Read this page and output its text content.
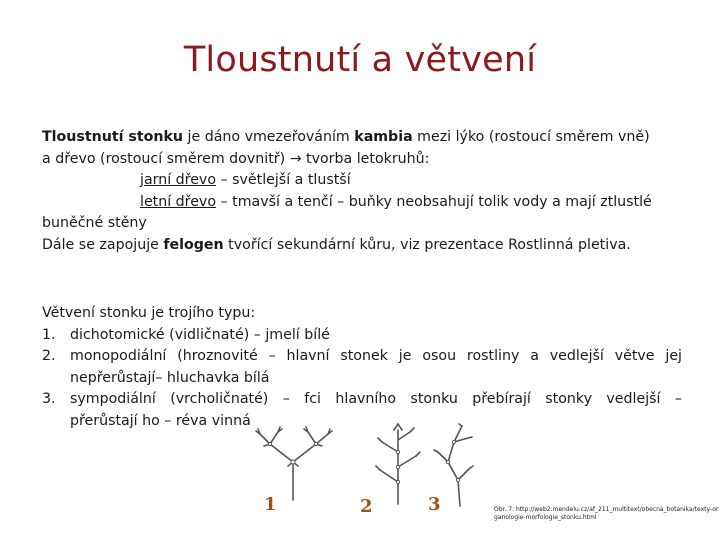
Tloustnutí a větvení
Tloustnutí stonku je dáno vmezeřováním kambia mezi lýko (rostoucí směrem vně)
a dřevo (rostoucí směrem dovnitř) → tvorba letokruhů:
jarní dřevo – světlejší a tlustší
letní dřevo – tmavší a tenčí – buňky neobsahují tolik vody a mají ztlustlé
buněčné stěny
Dále se zapojuje felogen tvořící sekundární kůru, viz prezentace Rostlinná pletiva.
Větvení stonku je trojího typu:
1. dichotomické (vidličnaté) – jmelí bílé
2. monopodiální (hroznovité – hlavní stonek je osou rostliny a vedlejší větve jej
nepřerůstají– hluchavka bílá
3. sympodiální (vrcholičnaté) – fci hlavního stonku přebírají stonky vedlejší –
přerůstají ho – réva vinná
1	2	3	Obr. 7: http://web2.mendelu.cz/af_211_multitext/obecna_botanika/texty-organologie-morfologie_stonku.html
